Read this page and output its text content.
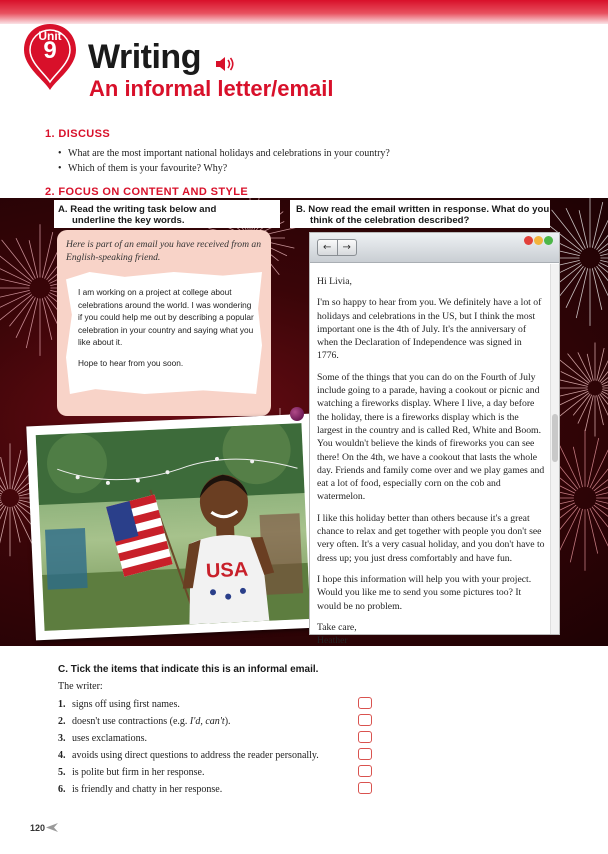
Unit
9 Writing
An informal letter/email
1. DISCUSS
• What are the most important national holidays and celebrations in your country?
• Which of them is your favourite? Why?
2. FOCUS ON CONTENT AND STYLE
A. Read the writing task below and
underline the key words.
B. Now read the email written in response. What do you
think of the celebration described?
Here is part of an email you have received from an English-speaking friend.

I am working on a project at college about celebrations around the world. I was wondering if you could help me out by describing a popular celebration in your country and saying what you like about it.

Hope to hear from you soon.

USA
←	→

Hi Livia,

I'm so happy to hear from you. We definitely have a lot of holidays and celebrations in the US, but I think the most important one is the 4th of July. It's the anniversary of when the Declaration of Independence was signed in 1776.

Some of the things that you can do on the Fourth of July include going to a parade, having a cookout or picnic and watching a fireworks display. Where I live, a day before the holiday, there is a fireworks display which is the largest in the country and is called Red, White and Boom. You wouldn't believe the kinds of fireworks you can see there! On the 4th, we have a cookout that lasts the whole day. Friends and family come over and we play games and eat a lot of food, especially corn on the cob and watermelon.

I like this holiday better than others because it's a great chance to relax and get together with people you don't see very often. It's a very casual holiday, and you don't have to dress up; you just dress comfortably and have fun.

I hope this information will help you with your project. Would you like me to send you some pictures too? It would be no problem.

Take care,

Heather

C. Tick the items that indicate this is an informal email.
The writer:
1. signs off using first names.
2. doesn't use contractions (e.g. I'd, can't).
3. uses exclamations.
4. avoids using direct questions to address the reader personally.
5. is polite but firm in her response.
6. is friendly and chatty in her response.
120
